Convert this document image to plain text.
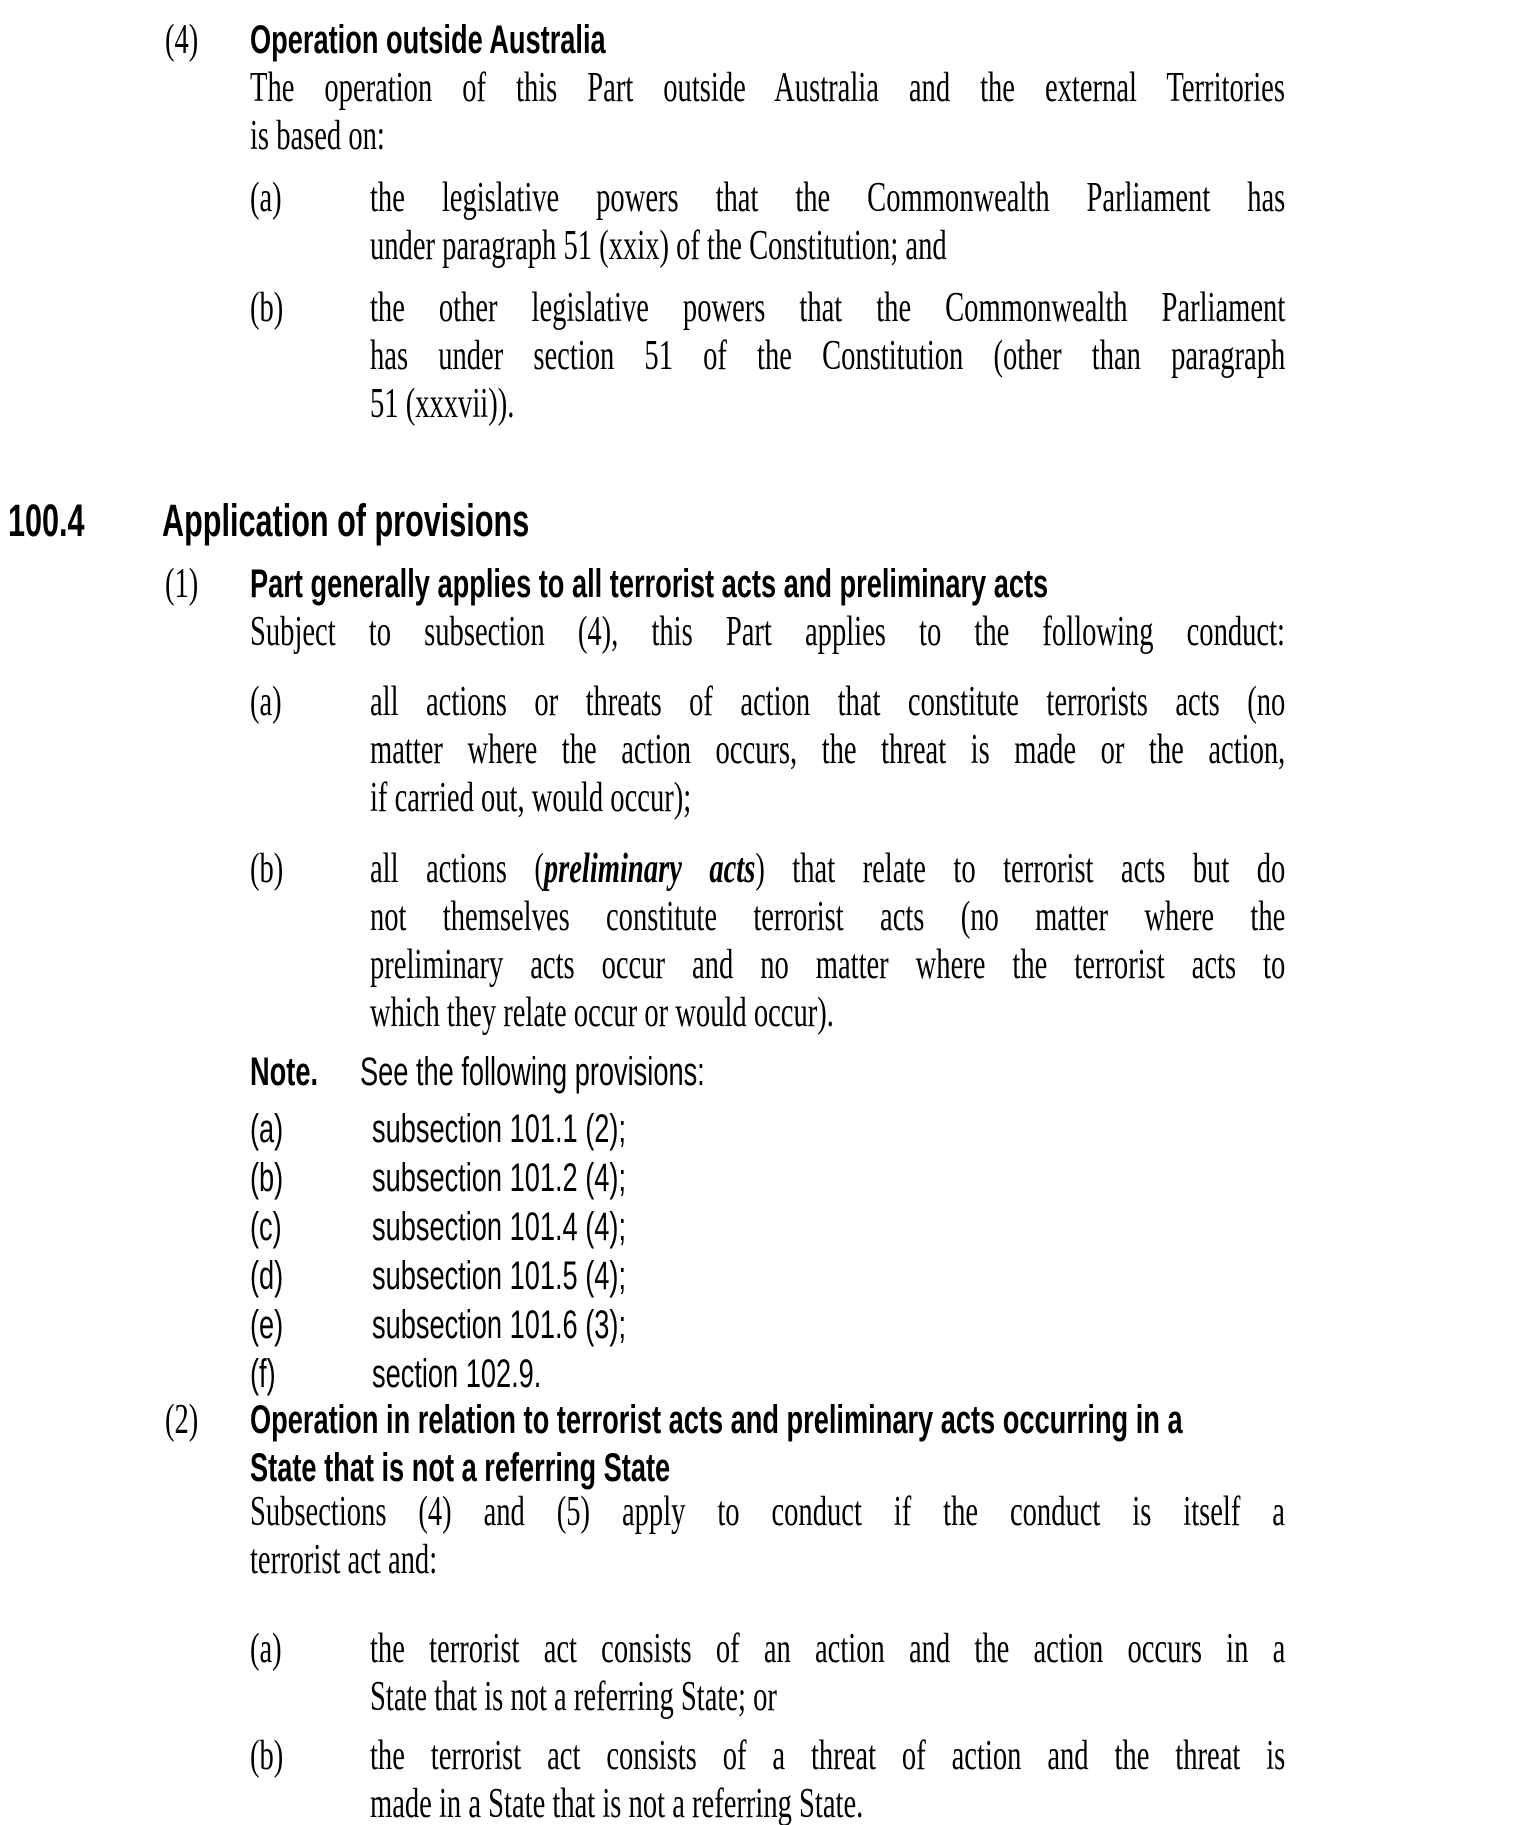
(4) Operation outside Australia
The operation of this Part outside Australia and the external Territories
is based on:
(a) the legislative powers that the Commonwealth Parliament has
under paragraph 51 (xxix) of the Constitution; and
(b) the other legislative powers that the Commonwealth Parliament
has under section 51 of the Constitution (other than paragraph
51 (xxxvii)).
100.4 Application of provisions
(1) Part generally applies to all terrorist acts and preliminary acts
Subject to subsection (4), this Part applies to the following conduct:
(a) all actions or threats of action that constitute terrorists acts (no
matter where the action occurs, the threat is made or the action,
if carried out, would occur);
(b) all actions (preliminary acts) that relate to terrorist acts but do
not themselves constitute terrorist acts (no matter where the
preliminary acts occur and no matter where the terrorist acts to
which they relate occur or would occur).
Note. See the following provisions:
(a) subsection 101.1 (2);
(b) subsection 101.2 (4);
(c) subsection 101.4 (4);
(d) subsection 101.5 (4);
(e) subsection 101.6 (3);
(f) section 102.9.
(2) Operation in relation to terrorist acts and preliminary acts occurring in a
State that is not a referring State
Subsections (4) and (5) apply to conduct if the conduct is itself a
terrorist act and:
(a) the terrorist act consists of an action and the action occurs in a
State that is not a referring State; or
(b) the terrorist act consists of a threat of action and the threat is
made in a State that is not a referring State.
